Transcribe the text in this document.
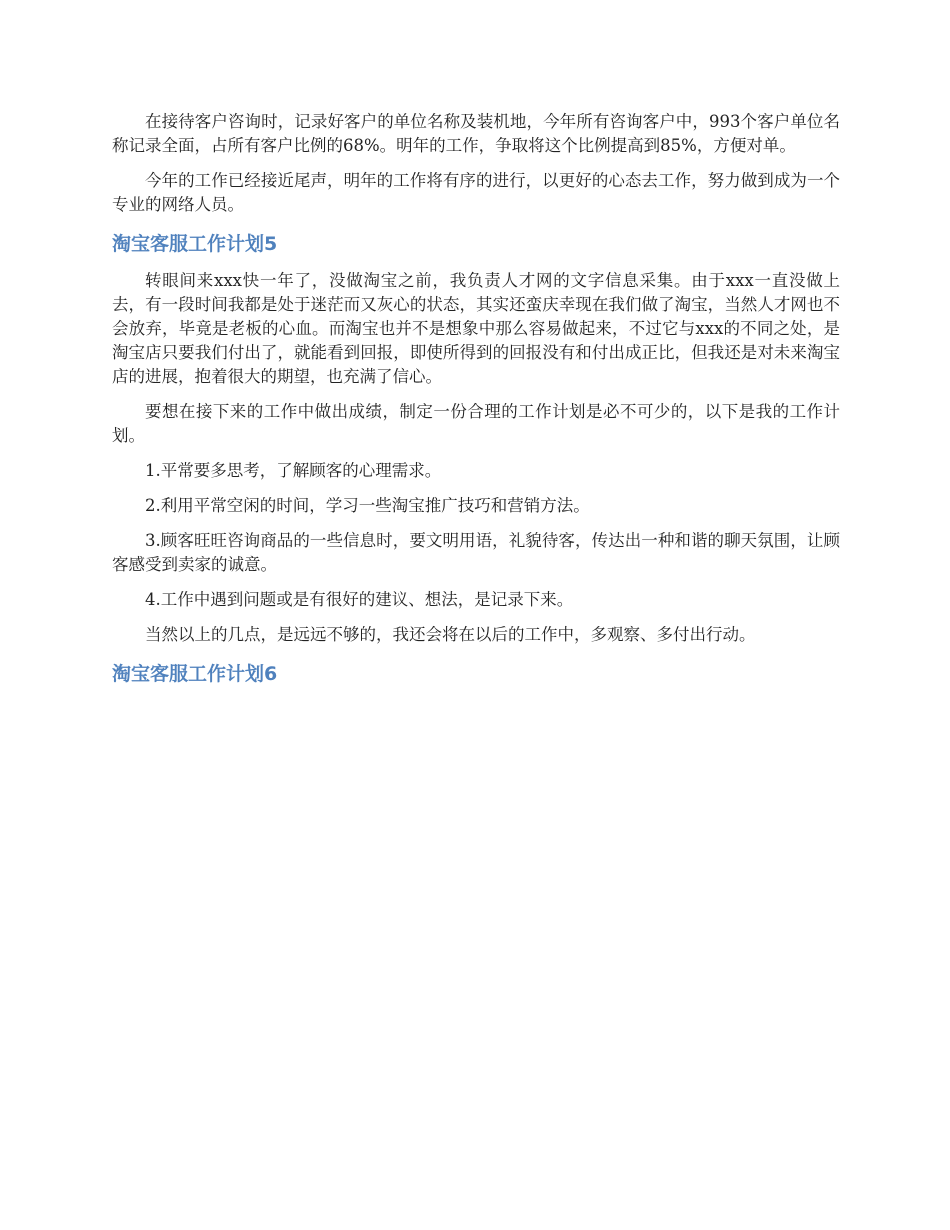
在接待客户咨询时，记录好客户的单位名称及装机地，今年所有咨询客户中，993个客户单位名称记录全面，占所有客户比例的68%。明年的工作，争取将这个比例提高到85%，方便对单。

今年的工作已经接近尾声，明年的工作将有序的进行，以更好的心态去工作，努力做到成为一个专业的网络人员。

淘宝客服工作计划5

转眼间来xxx快一年了，没做淘宝之前，我负责人才网的文字信息采集。由于xxx一直没做上去，有一段时间我都是处于迷茫而又灰心的状态，其实还蛮庆幸现在我们做了淘宝，当然人才网也不会放弃，毕竟是老板的心血。而淘宝也并不是想象中那么容易做起来，不过它与xxx的不同之处，是淘宝店只要我们付出了，就能看到回报，即使所得到的回报没有和付出成正比，但我还是对未来淘宝店的进展，抱着很大的期望，也充满了信心。

要想在接下来的工作中做出成绩，制定一份合理的工作计划是必不可少的，以下是我的工作计划。

1.平常要多思考，了解顾客的心理需求。

2.利用平常空闲的时间，学习一些淘宝推广技巧和营销方法。

3.顾客旺旺咨询商品的一些信息时，要文明用语，礼貌待客，传达出一种和谐的聊天氛围，让顾客感受到卖家的诚意。

4.工作中遇到问题或是有很好的建议、想法，是记录下来。

当然以上的几点，是远远不够的，我还会将在以后的工作中，多观察、多付出行动。

淘宝客服工作计划6
